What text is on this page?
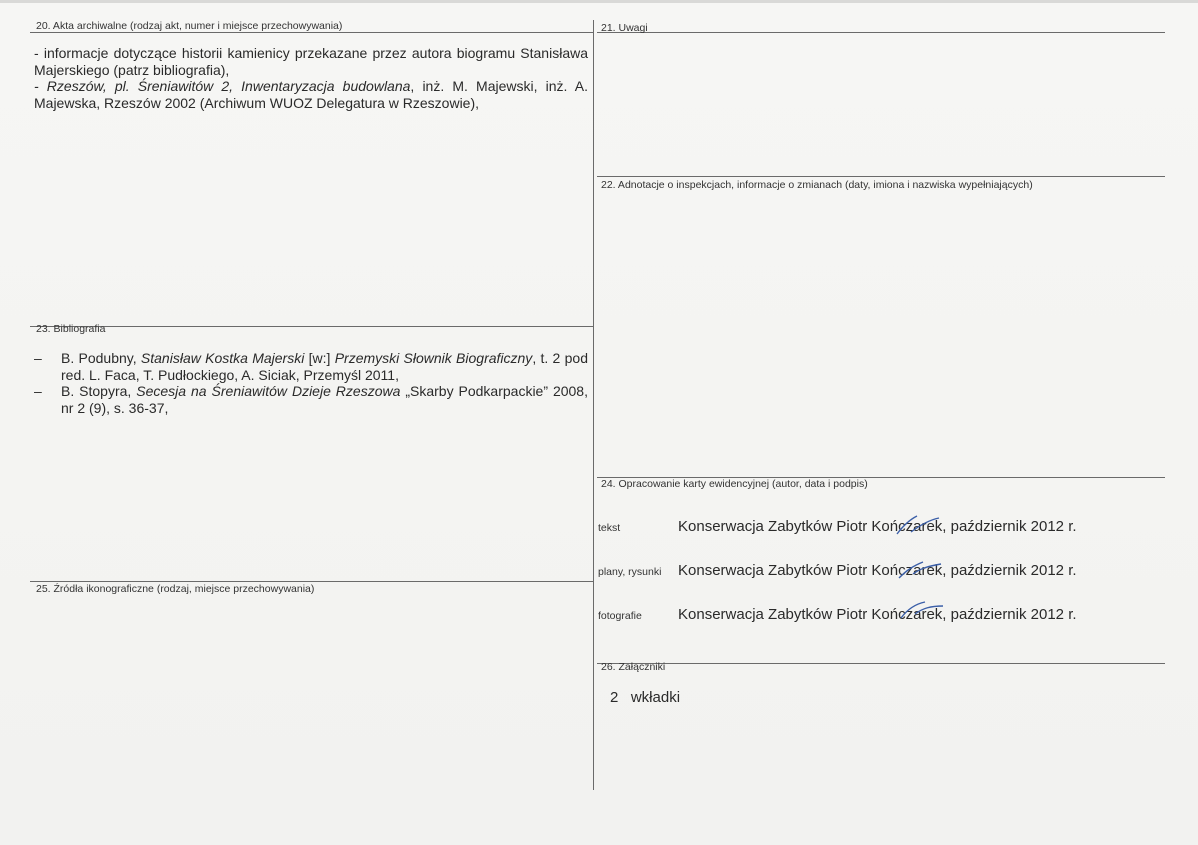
20. Akta archiwalne (rodzaj akt, numer i miejsce przechowywania)

- informacje dotyczące historii kamienicy przekazane przez autora biogramu Stanisława Majerskiego (patrz bibliografia),

- Rzeszów, pl. Śreniawitów 2, Inwentaryzacja budowlana, inż. M. Majewski, inż. A. Majewska, Rzeszów 2002 (Archiwum WUOZ Delegatura w Rzeszowie),

21. Uwagi
22. Adnotacje o inspekcjach, informacje o zmianach (daty, imiona i nazwiska wypełniających)
23. Bibliografia
– B. Podubny, Stanisław Kostka Majerski [w:] Przemyski Słownik Biograficzny, t. 2 pod red. L. Faca, T. Pudłockiego, A. Siciak, Przemyśl 2011,
– B. Stopyra, Secesja na Śreniawitów Dzieje Rzeszowa „Skarby Podkarpackie” 2008, nr 2 (9), s. 36-37,
24. Opracowanie karty ewidencyjnej (autor, data i podpis)
tekst	Konserwacja Zabytków Piotr Kończarek, październik 2012 r.
plany, rysunki Konserwacja Zabytków Piotr Kończarek, październik 2012 r.
fotografie Konserwacja Zabytków Piotr Kończarek, październik 2012 r.
25. Źródła ikonograficzne (rodzaj, miejsce przechowywania)
26. Załączniki
2   wkładki
